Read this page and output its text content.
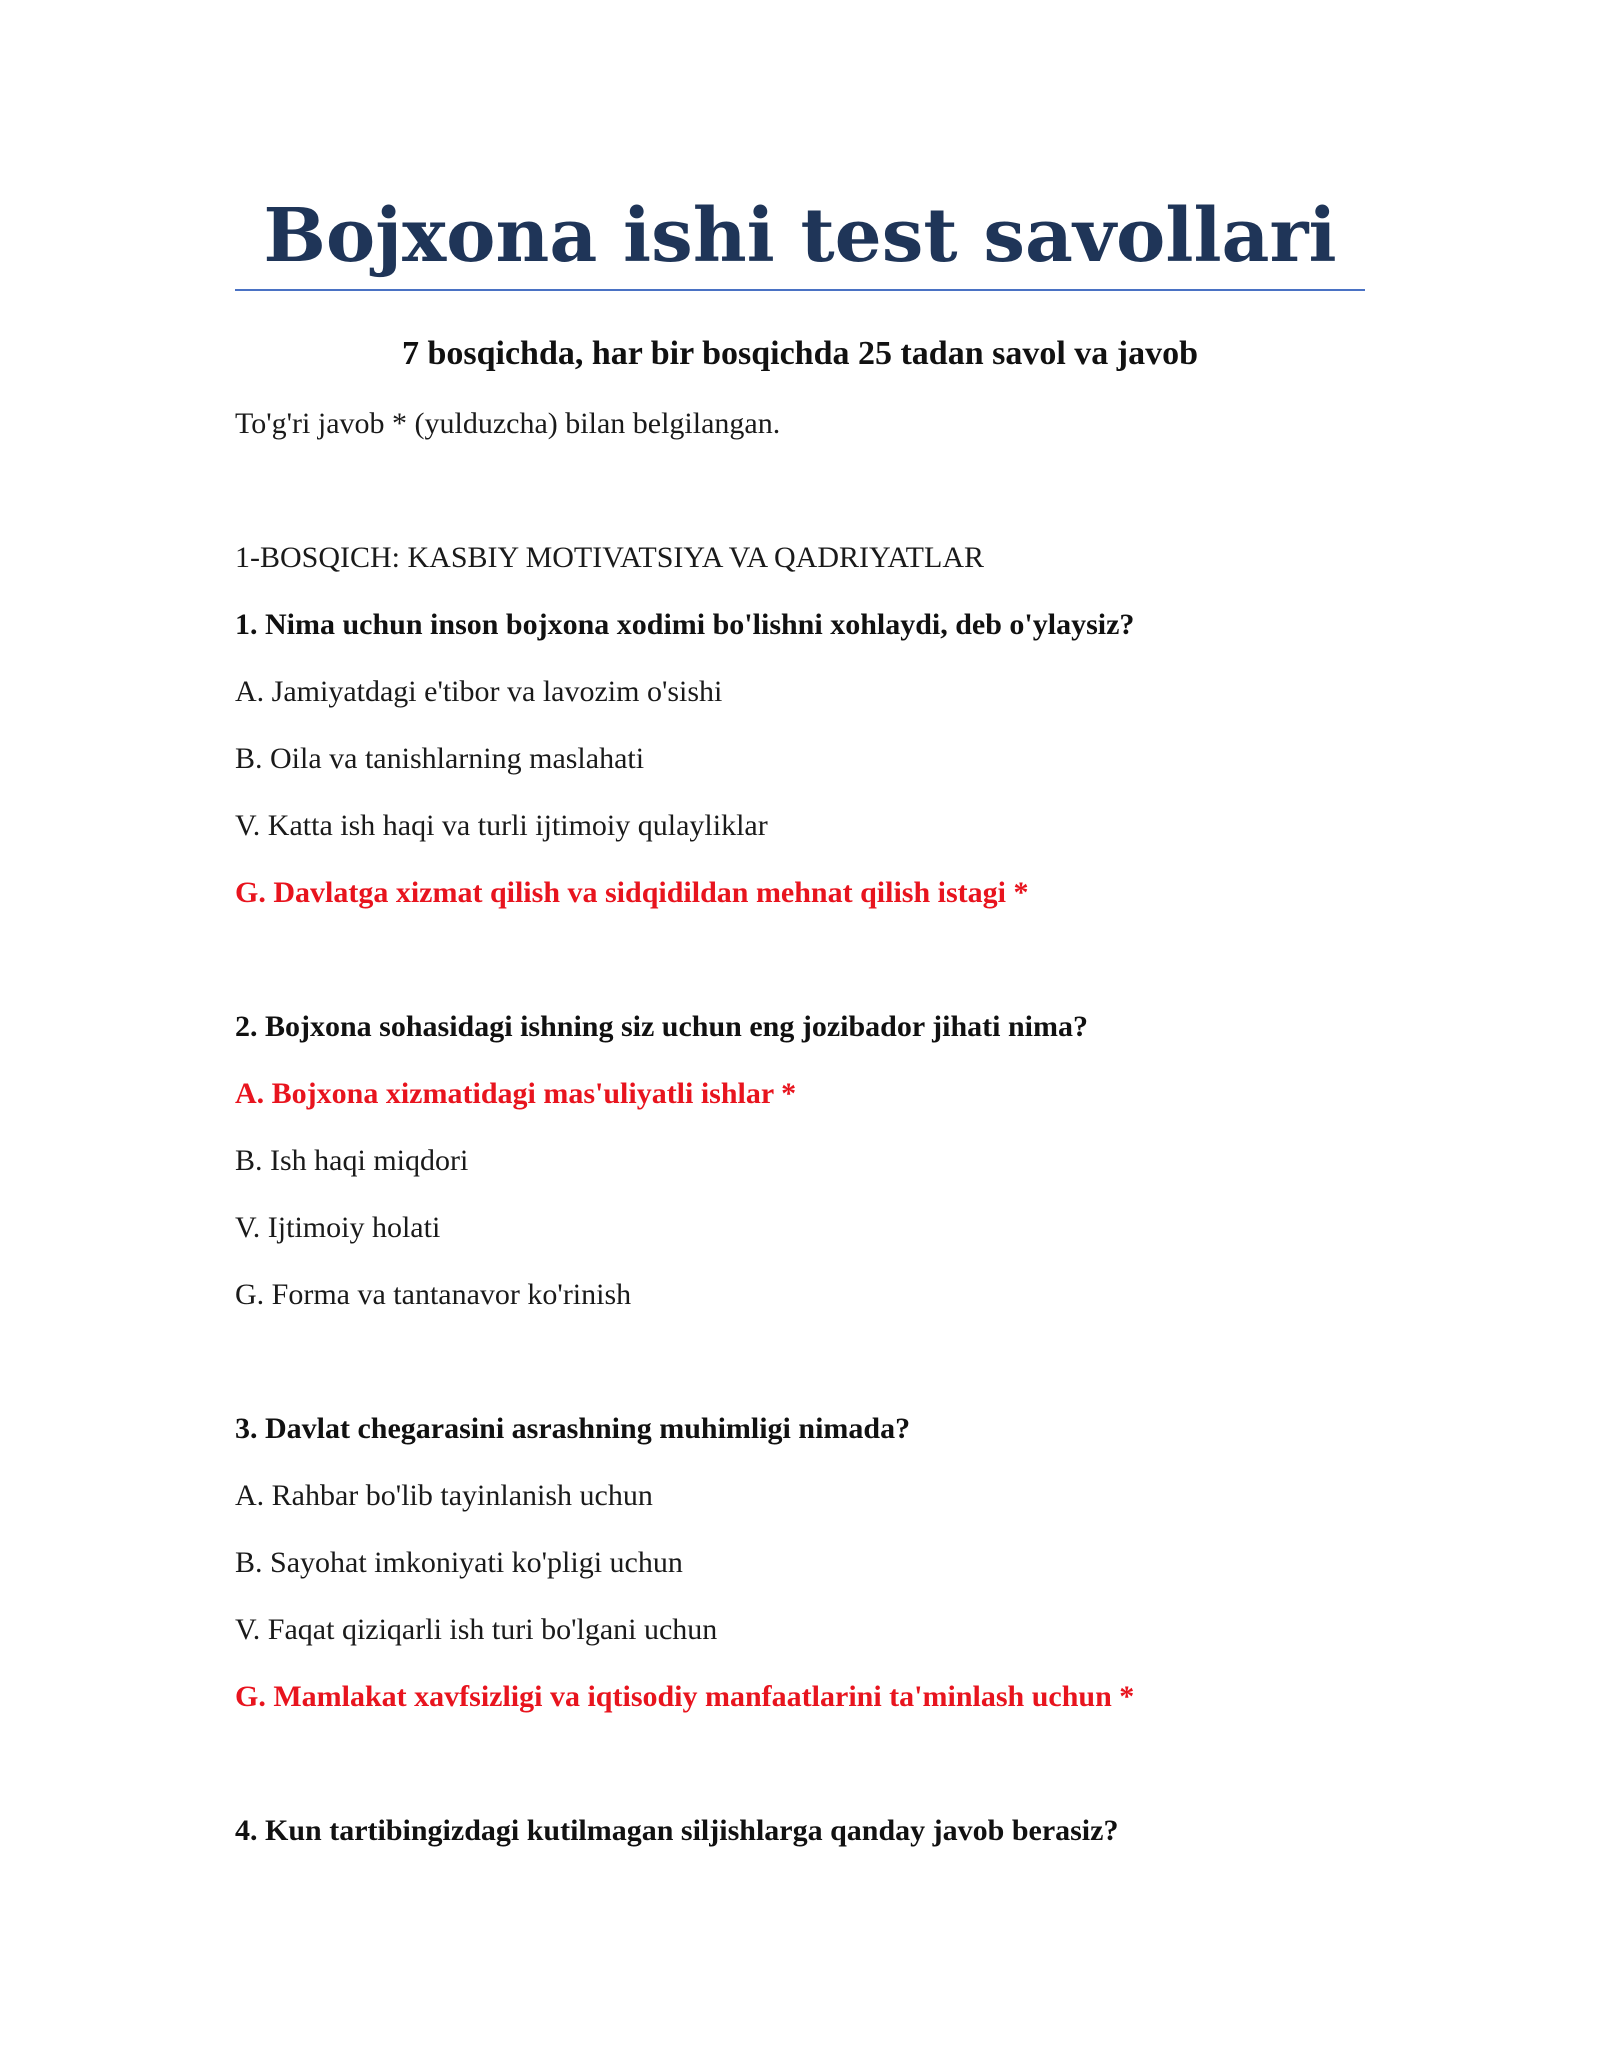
Bojxona ishi test savollari
7 bosqichda, har bir bosqichda 25 tadan savol va javob

To'g'ri javob * (yulduzcha) bilan belgilangan.

1-BOSQICH: KASBIY MOTIVATSIYA VA QADRIYATLAR

1. Nima uchun inson bojxona xodimi bo'lishni xohlaydi, deb o'ylaysiz?

A. Jamiyatdagi e'tibor va lavozim o'sishi

B. Oila va tanishlarning maslahati

V. Katta ish haqi va turli ijtimoiy qulayliklar

G. Davlatga xizmat qilish va sidqidildan mehnat qilish istagi *

2. Bojxona sohasidagi ishning siz uchun eng jozibador jihati nima?

A. Bojxona xizmatidagi mas'uliyatli ishlar *

B. Ish haqi miqdori

V. Ijtimoiy holati

G. Forma va tantanavor ko'rinish

3. Davlat chegarasini asrashning muhimligi nimada?

A. Rahbar bo'lib tayinlanish uchun

B. Sayohat imkoniyati ko'pligi uchun

V. Faqat qiziqarli ish turi bo'lgani uchun

G. Mamlakat xavfsizligi va iqtisodiy manfaatlarini ta'minlash uchun *

4. Kun tartibingizdagi kutilmagan siljishlarga qanday javob berasiz?
